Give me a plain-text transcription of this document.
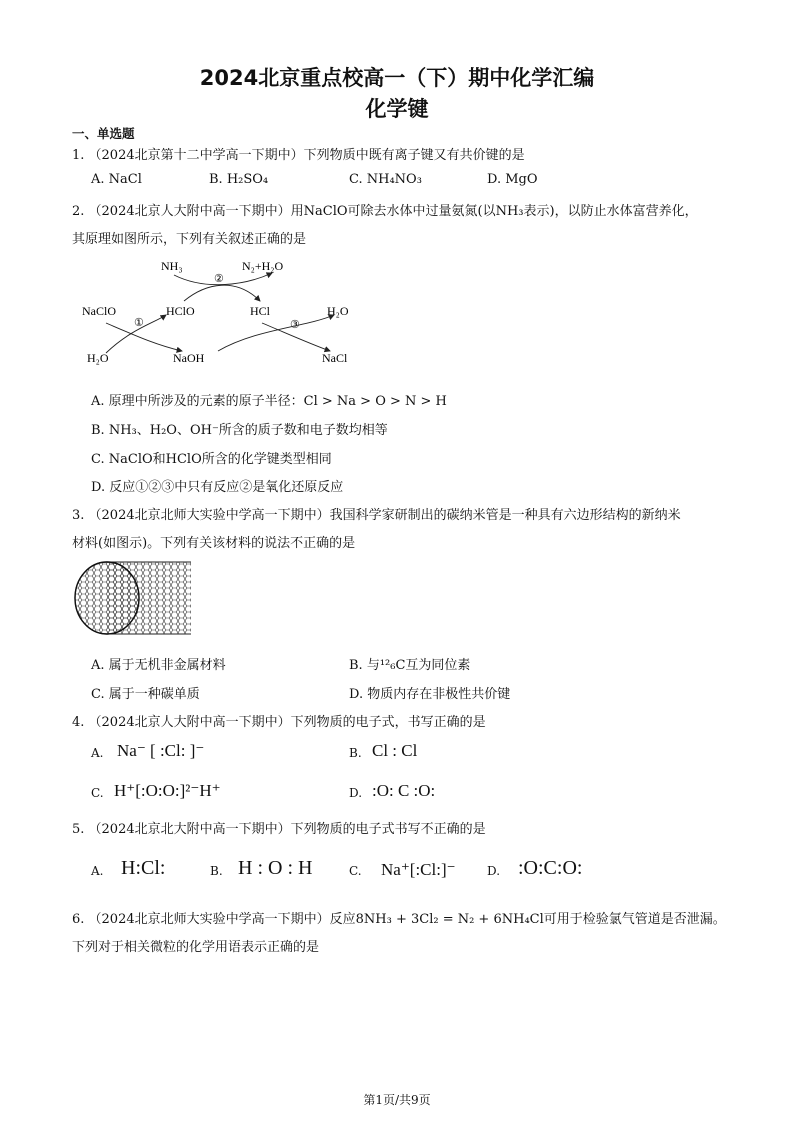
2024北京重点校高一（下）期中化学汇编
化学键
一、单选题
1. （2024北京第十二中学高一下期中）下列物质中既有离子键又有共价键的是
A. NaCl	B. H₂SO₄	C. NH₄NO₃	D. MgO
2. （2024北京人大附中高一下期中）用NaClO可除去水体中过量氨氮(以NH₃表示)，以防止水体富营养化，
其原理如图所示，下列有关叙述正确的是
NH₃	N₂+H₂O
NaClO	HClO	HCl	H₂O
H₂O	NaOH	NaCl
①
②
③
A. 原理中所涉及的元素的原子半径：Cl > Na > O > N > H
B. NH₃、H₂O、OH⁻所含的质子数和电子数均相等
C. NaClO和HClO所含的化学键类型相同
D. 反应①②③中只有反应②是氧化还原反应
3. （2024北京北师大实验中学高一下期中）我国科学家研制出的碳纳米管是一种具有六边形结构的新纳米
材料(如图示)。下列有关该材料的说法不正确的是
A. 属于无机非金属材料	B. 与¹²₆C互为同位素
C. 属于一种碳单质	D. 物质内存在非极性共价键
4. （2024北京人大附中高一下期中）下列物质的电子式，书写正确的是
A. Na⁻ [ :Cl: ]⁻	B. Cl : Cl
C. H⁺[:O:O:]²⁻H⁺	D. :O: C :O:
5. （2024北京北大附中高一下期中）下列物质的电子式书写不正确的是
A. H:Cl:	B. H : O : H	C. Na⁺[:Cl:]⁻	D. :O:C:O:
6. （2024北京北师大实验中学高一下期中）反应8NH₃ + 3Cl₂ = N₂ + 6NH₄Cl可用于检验氯气管道是否泄漏。
下列对于相关微粒的化学用语表示正确的是
第1页/共9页
